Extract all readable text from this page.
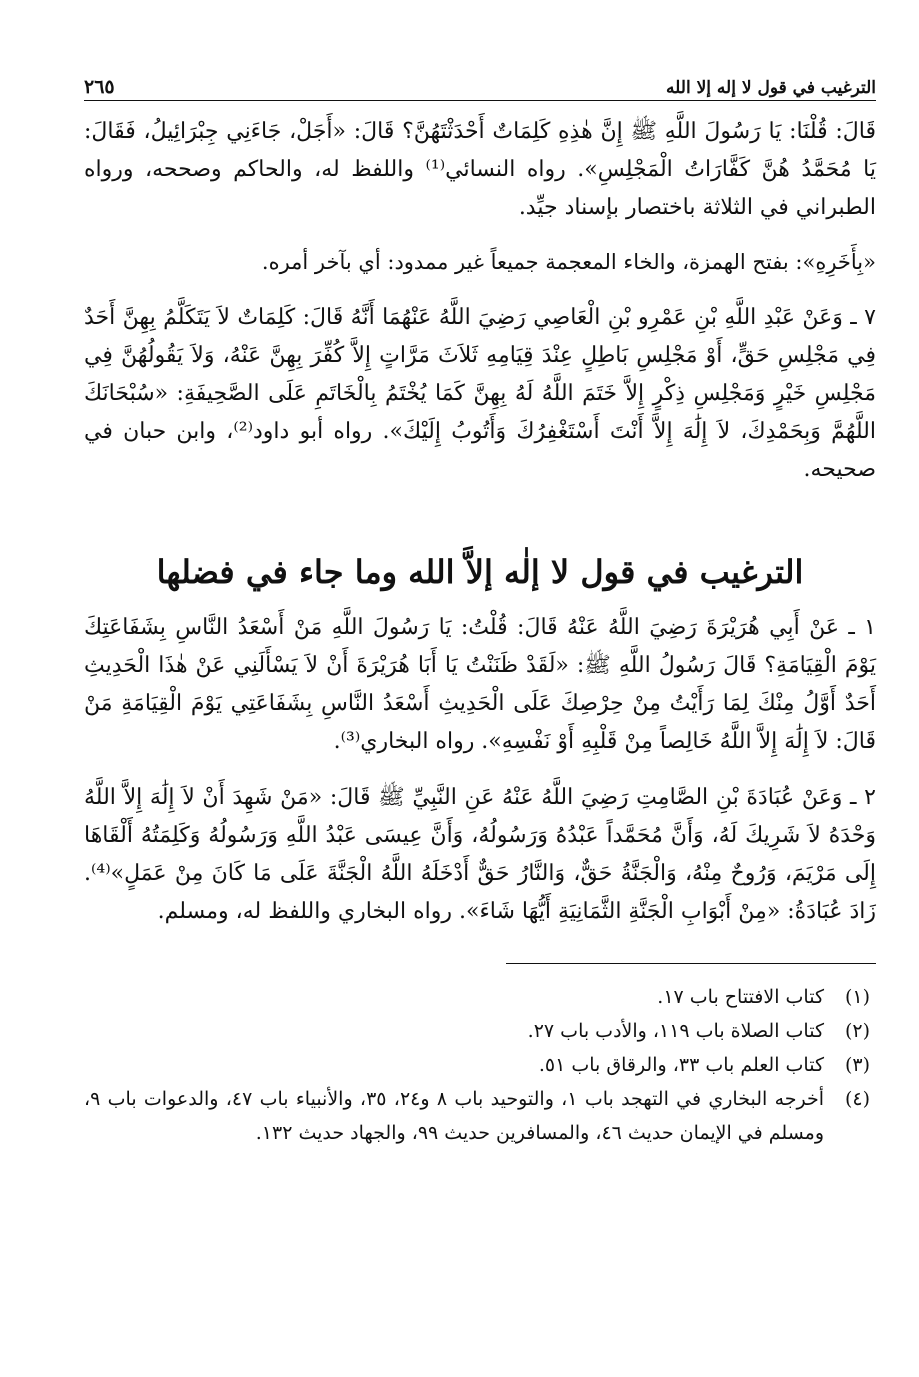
الترغيب في قول لا إله إلا الله
٢٦٥

قَالَ: قُلْنَا: يَا رَسُولَ اللَّهِ ﷺ إِنَّ هٰذِهِ كَلِمَاتٌ أَحْدَثْتَهُنَّ؟ قَالَ: «أَجَلْ، جَاءَنِي جِبْرَائِيلُ، فَقَالَ: يَا مُحَمَّدُ هُنَّ كَفَّارَاتُ الْمَجْلِسِ». رواه النسائي⁽¹⁾ واللفظ له، والحاكم وصححه، ورواه الطبراني في الثلاثة باختصار بإسناد جيِّد.

«بِأَخَرِهِ»: بفتح الهمزة، والخاء المعجمة جميعاً غير ممدود: أي بآخر أمره.

٧ ـ وَعَنْ عَبْدِ اللَّهِ بْنِ عَمْرِو بْنِ الْعَاصِي رَضِيَ اللَّهُ عَنْهُمَا أَنَّهُ قَالَ: كَلِمَاتٌ لاَ يَتَكَلَّمُ بِهِنَّ أَحَدٌ فِي مَجْلِسِ حَقٍّ، أَوْ مَجْلِسِ بَاطِلٍ عِنْدَ قِيَامِهِ ثَلاَثَ مَرَّاتٍ إِلاَّ كُفِّرَ بِهِنَّ عَنْهُ، وَلاَ يَقُولُهُنَّ فِي مَجْلِسِ خَيْرٍ وَمَجْلِسِ ذِكْرٍ إِلاَّ خَتَمَ اللَّهُ لَهُ بِهِنَّ كَمَا يُخْتَمُ بِالْخَاتَمِ عَلَى الصَّحِيفَةِ: «سُبْحَانَكَ اللَّهُمَّ وَبِحَمْدِكَ، لاَ إِلَٰهَ إِلاَّ أَنْتَ أَسْتَغْفِرُكَ وَأَتُوبُ إِلَيْكَ». رواه أبو داود⁽²⁾، وابن حبان في صحيحه.

الترغيب في قول لا إلٰه إلاَّ الله وما جاء في فضلها

١ ـ عَنْ أَبِي هُرَيْرَةَ رَضِيَ اللَّهُ عَنْهُ قَالَ: قُلْتُ: يَا رَسُولَ اللَّهِ مَنْ أَسْعَدُ النَّاسِ بِشَفَاعَتِكَ يَوْمَ الْقِيَامَةِ؟ قَالَ رَسُولُ اللَّهِ ﷺ: «لَقَدْ ظَنَنْتُ يَا أَبَا هُرَيْرَةَ أَنْ لاَ يَسْأَلَنِي عَنْ هٰذَا الْحَدِيثِ أَحَدٌ أَوَّلُ مِنْكَ لِمَا رَأَيْتُ مِنْ حِرْصِكَ عَلَى الْحَدِيثِ أَسْعَدُ النَّاسِ بِشَفَاعَتِي يَوْمَ الْقِيَامَةِ مَنْ قَالَ: لاَ إِلَٰهَ إِلاَّ اللَّهُ خَالِصاً مِنْ قَلْبِهِ أَوْ نَفْسِهِ». رواه البخاري⁽³⁾.

٢ ـ وَعَنْ عُبَادَةَ بْنِ الصَّامِتِ رَضِيَ اللَّهُ عَنْهُ عَنِ النَّبِيِّ ﷺ قَالَ: «مَنْ شَهِدَ أَنْ لاَ إِلَٰهَ إِلاَّ اللَّهُ وَحْدَهُ لاَ شَرِيكَ لَهُ، وَأَنَّ مُحَمَّداً عَبْدُهُ وَرَسُولُهُ، وَأَنَّ عِيسَى عَبْدُ اللَّهِ وَرَسُولُهُ وَكَلِمَتُهُ أَلْقَاهَا إِلَى مَرْيَمَ، وَرُوحٌ مِنْهُ، وَالْجَنَّةُ حَقٌّ، وَالنَّارُ حَقٌّ أَدْخَلَهُ اللَّهُ الْجَنَّةَ عَلَى مَا كَانَ مِنْ عَمَلٍ»⁽⁴⁾. زَادَ عُبَادَةُ: «مِنْ أَبْوَابِ الْجَنَّةِ الثَّمَانِيَةِ أَيُّهَا شَاءَ». رواه البخاري واللفظ له، ومسلم.

(١)
كتاب الافتتاح باب ١٧.
(٢)
كتاب الصلاة باب ١١٩، والأدب باب ٢٧.
(٣)
كتاب العلم باب ٣٣، والرقاق باب ٥١.
(٤)
أخرجه البخاري في التهجد باب ١، والتوحيد باب ٨ و٢٤، ٣٥، والأنبياء باب ٤٧، والدعوات باب ٩، ومسلم في الإيمان حديث ٤٦، والمسافرين حديث ٩٩، والجهاد حديث ١٣٢.
